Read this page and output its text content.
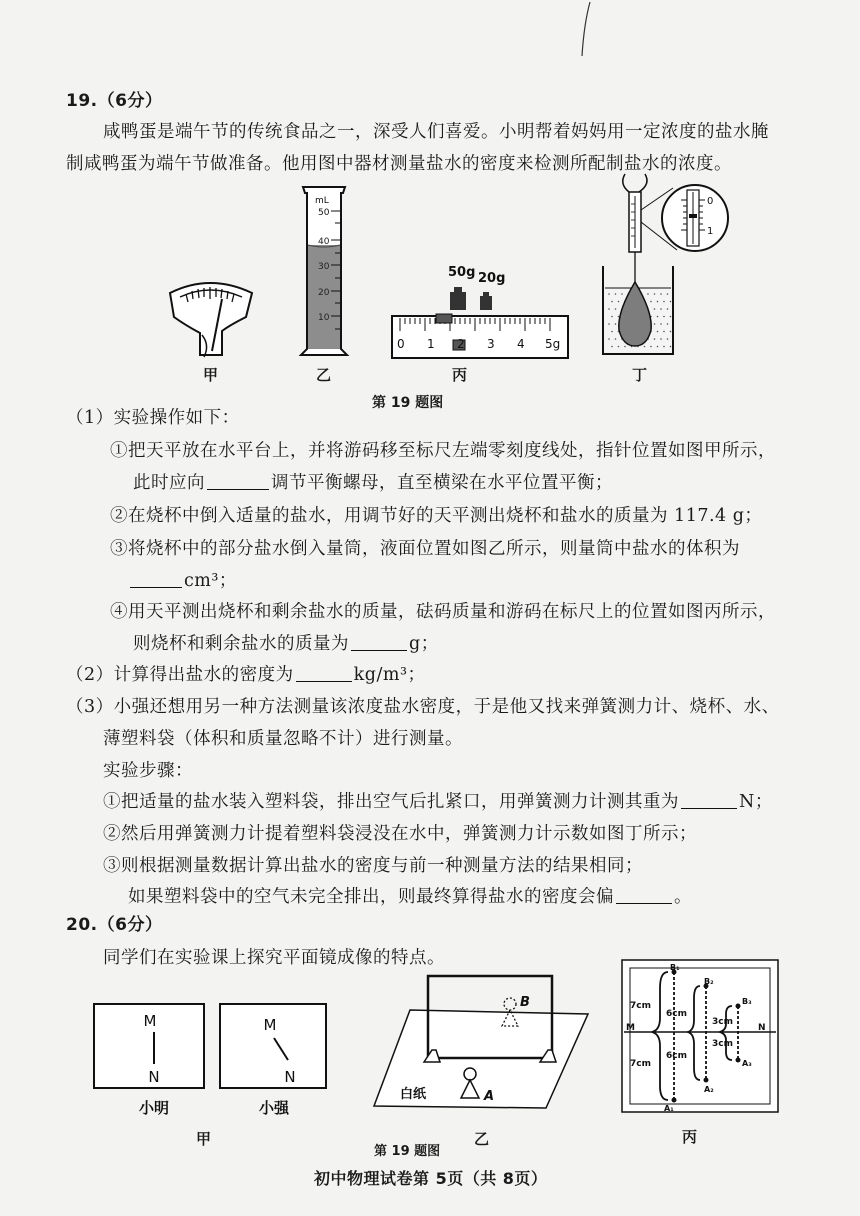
19.（6分）
咸鸭蛋是端午节的传统食品之一，深受人们喜爱。小明帮着妈妈用一定浓度的盐水腌
制咸鸭蛋为端午节做准备。他用图中器材测量盐水的密度来检测所配制盐水的浓度。
甲
mL
50
40
30
20
10
乙
50g 20g
0 1 2 3 4 5g
丙
0
1
丁
第 19 题图
（1）实验操作如下：
①把天平放在水平台上，并将游码移至标尺左端零刻度线处，指针位置如图甲所示，
此时应向	调节平衡螺母，直至横梁在水平位置平衡；
②在烧杯中倒入适量的盐水，用调节好的天平测出烧杯和盐水的质量为 117.4 g；
③将烧杯中的部分盐水倒入量筒，液面位置如图乙所示，则量筒中盐水的体积为
cm³；
④用天平测出烧杯和剩余盐水的质量，砝码质量和游码在标尺上的位置如图丙所示，
则烧杯和剩余盐水的质量为	g；
（2）计算得出盐水的密度为	kg/m³；
（3）小强还想用另一种方法测量该浓度盐水密度，于是他又找来弹簧测力计、烧杯、水、
薄塑料袋（体积和质量忽略不计）进行测量。
实验步骤：
①把适量的盐水装入塑料袋，排出空气后扎紧口，用弹簧测力计测其重为	N；
②然后用弹簧测力计提着塑料袋浸没在水中，弹簧测力计示数如图丁所示；
③则根据测量数据计算出盐水的密度与前一种测量方法的结果相同；
如果塑料袋中的空气未完全排出，则最终算得盐水的密度会偏	。
20.（6分）
同学们在实验课上探究平面镜成像的特点。
M
N
M
N
小明	小强
甲
B
A
白纸
乙
M	N
B₁
B₂
B₃
A₁
A₂
A₃
7cm
6cm
3cm
3cm
6cm
7cm
丙
第 19 题图
初中物理试卷第 5页（共 8页）
